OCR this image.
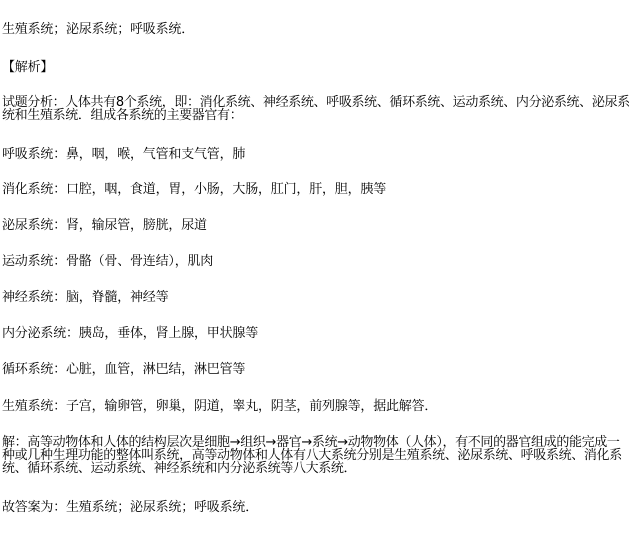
生殖系统；泌尿系统；呼吸系统．
【解析】
试题分析：人体共有8个系统，即：消化系统、神经系统、呼吸系统、循环系统、运动系统、内分泌系统、泌尿系统和生殖系统．组成各系统的主要器官有：
呼吸系统：鼻，咽，喉，气管和支气管，肺
消化系统：口腔，咽，食道，胃，小肠，大肠，肛门，肝，胆，胰等
泌尿系统：肾，输尿管，膀胱，尿道
运动系统：骨骼（骨、骨连结），肌肉
神经系统：脑，脊髓，神经等
内分泌系统：胰岛，垂体，肾上腺，甲状腺等
循环系统：心脏，血管，淋巴结，淋巴管等
生殖系统：子宫，输卵管，卵巢，阴道，睾丸，阴茎，前列腺等，据此解答．
解：高等动物体和人体的结构层次是细胞→组织→器官→系统→动物物体（人体），有不同的器官组成的能完成一种或几种生理功能的整体叫系统，高等动物体和人体有八大系统分别是生殖系统、泌尿系统、呼吸系统、消化系统、循环系统、运动系统、神经系统和内分泌系统等八大系统．
故答案为：生殖系统；泌尿系统；呼吸系统．
